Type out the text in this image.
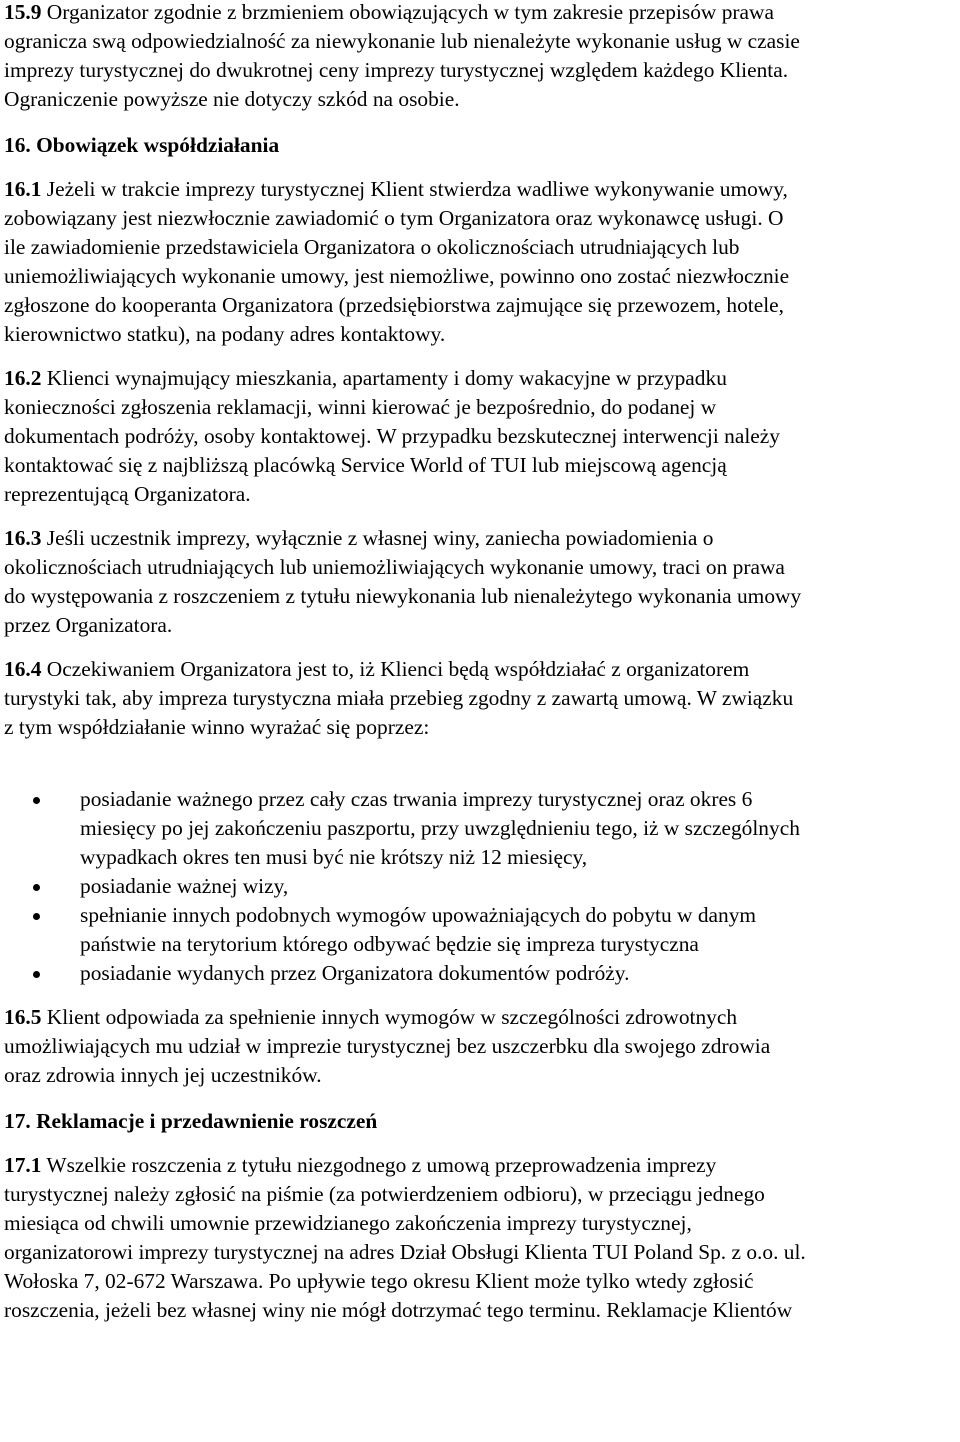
15.9 Organizator zgodnie z brzmieniem obowiązujących w tym zakresie przepisów prawa
ogranicza swą odpowiedzialność za niewykonanie lub nienależyte wykonanie usług w czasie
imprezy turystycznej do dwukrotnej ceny imprezy turystycznej względem każdego Klienta.
Ograniczenie powyższe nie dotyczy szkód na osobie.

16. Obowiązek współdziałania

16.1 Jeżeli w trakcie imprezy turystycznej Klient stwierdza wadliwe wykonywanie umowy,
zobowiązany jest niezwłocznie zawiadomić o tym Organizatora oraz wykonawcę usługi. O
ile zawiadomienie przedstawiciela Organizatora o okolicznościach utrudniających lub
uniemożliwiających wykonanie umowy, jest niemożliwe, powinno ono zostać niezwłocznie
zgłoszone do kooperanta Organizatora (przedsiębiorstwa zajmujące się przewozem, hotele,
kierownictwo statku), na podany adres kontaktowy.

16.2 Klienci wynajmujący mieszkania, apartamenty i domy wakacyjne w przypadku
konieczności zgłoszenia reklamacji, winni kierować je bezpośrednio, do podanej w
dokumentach podróży, osoby kontaktowej. W przypadku bezskutecznej interwencji należy
kontaktować się z najbliższą placówką Service World of TUI lub miejscową agencją
reprezentującą Organizatora.

16.3 Jeśli uczestnik imprezy, wyłącznie z własnej winy, zaniecha powiadomienia o
okolicznościach utrudniających lub uniemożliwiających wykonanie umowy, traci on prawa
do występowania z roszczeniem z tytułu niewykonania lub nienależytego wykonania umowy
przez Organizatora.

16.4 Oczekiwaniem Organizatora jest to, iż Klienci będą współdziałać z organizatorem
turystyki tak, aby impreza turystyczna miała przebieg zgodny z zawartą umową. W związku
z tym współdziałanie winno wyrażać się poprzez:

posiadanie ważnego przez cały czas trwania imprezy turystycznej oraz okres 6
miesięcy po jej zakończeniu paszportu, przy uwzględnieniu tego, iż w szczególnych
wypadkach okres ten musi być nie krótszy niż 12 miesięcy,
posiadanie ważnej wizy,
spełnianie innych podobnych wymogów upoważniających do pobytu w danym
państwie na terytorium którego odbywać będzie się impreza turystyczna
posiadanie wydanych przez Organizatora dokumentów podróży.

16.5 Klient odpowiada za spełnienie innych wymogów w szczególności zdrowotnych
umożliwiających mu udział w imprezie turystycznej bez uszczerbku dla swojego zdrowia
oraz zdrowia innych jej uczestników.

17. Reklamacje i przedawnienie roszczeń

17.1 Wszelkie roszczenia z tytułu niezgodnego z umową przeprowadzenia imprezy
turystycznej należy zgłosić na piśmie (za potwierdzeniem odbioru), w przeciągu jednego
miesiąca od chwili umownie przewidzianego zakończenia imprezy turystycznej,
organizatorowi imprezy turystycznej na adres Dział Obsługi Klienta TUI Poland Sp. z o.o. ul.
Wołoska 7, 02-672 Warszawa. Po upływie tego okresu Klient może tylko wtedy zgłosić
roszczenia, jeżeli bez własnej winy nie mógł dotrzymać tego terminu. Reklamacje Klientów
